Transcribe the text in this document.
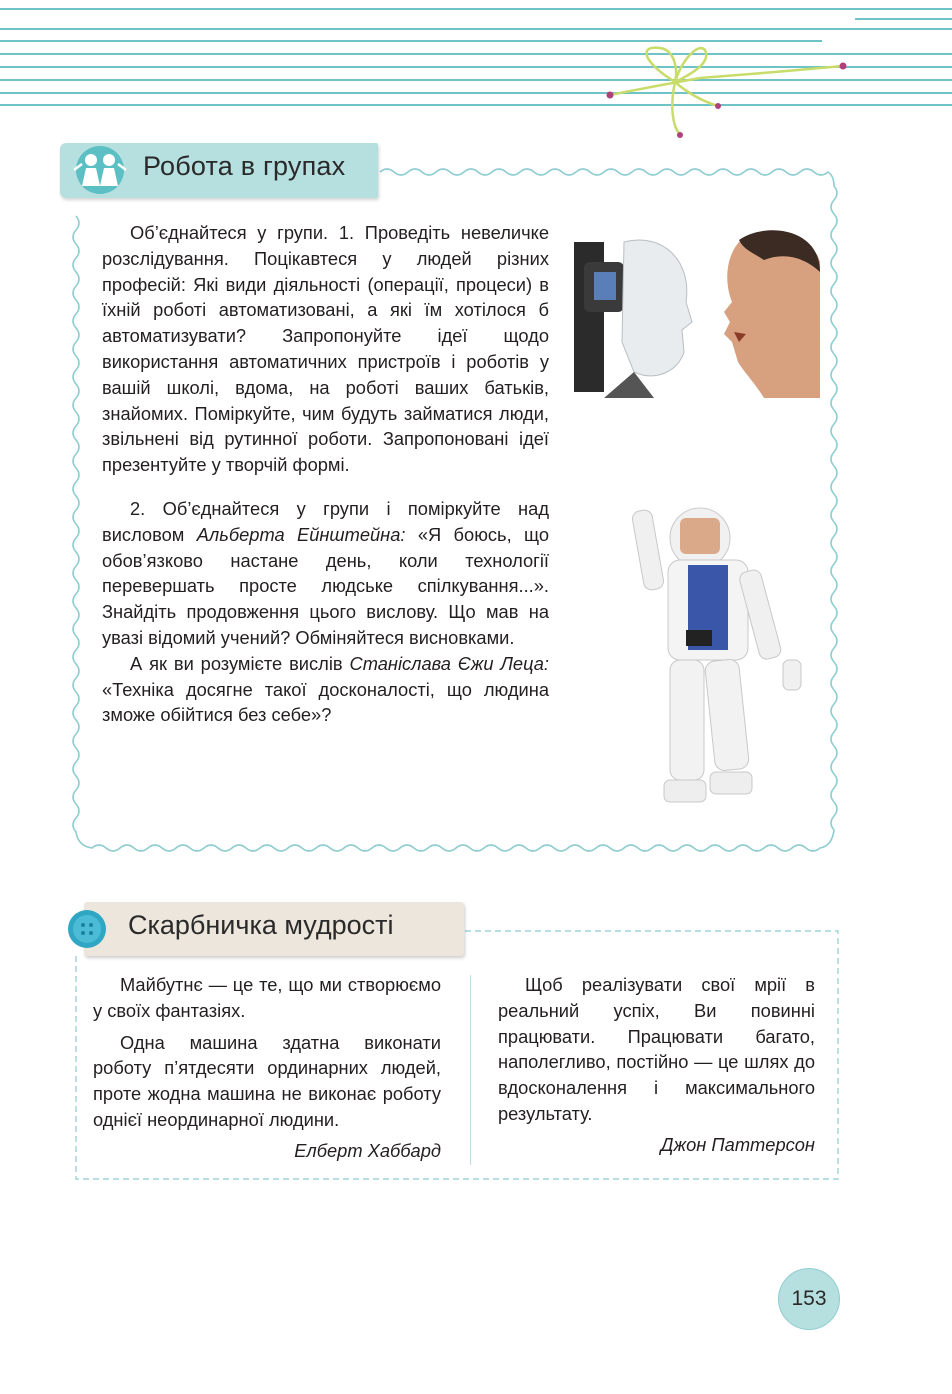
Робота в групах

Об’єднайтеся у групи. 1. Проведіть невеличке розслідування. Поцікавтеся у людей різних професій: Які види діяльності (операції, процеси) в їхній роботі автоматизовані, а які їм хотілося б автоматизувати? Запропонуйте ідеї щодо використання автоматичних пристроїв і роботів у вашій школі, вдома, на роботі ваших батьків, знайомих. Поміркуйте, чим будуть займатися люди, звільнені від рутинної роботи. Запропоновані ідеї презентуйте у творчій формі.

2. Об’єднайтеся у групи і поміркуйте над висловом Альберта Ейнштейна: «Я боюсь, що обов’язково настане день, коли технології перевершать просте людське спілкування...». Знайдіть продовження цього вислову. Що мав на увазі відомий учений? Обміняйтеся висновками.

А як ви розумієте вислів Станіслава Єжи Леца: «Техніка досягне такої досконалості, що людина зможе обійтися без себе»?

Скарбничка мудрості

Майбутнє — це те, що ми створюємо у своїх фантазіях.

Одна машина здатна виконати роботу п’ятдесяти ординарних людей, проте жодна машина не виконає роботу однієї неординарної людини.

Елберт Хаббард

Щоб реалізувати свої мрії в реальний успіх, Ви повинні працювати. Працювати багато, наполегливо, постійно — це шлях до вдосконалення і максимального результату.

Джон Паттерсон
153
